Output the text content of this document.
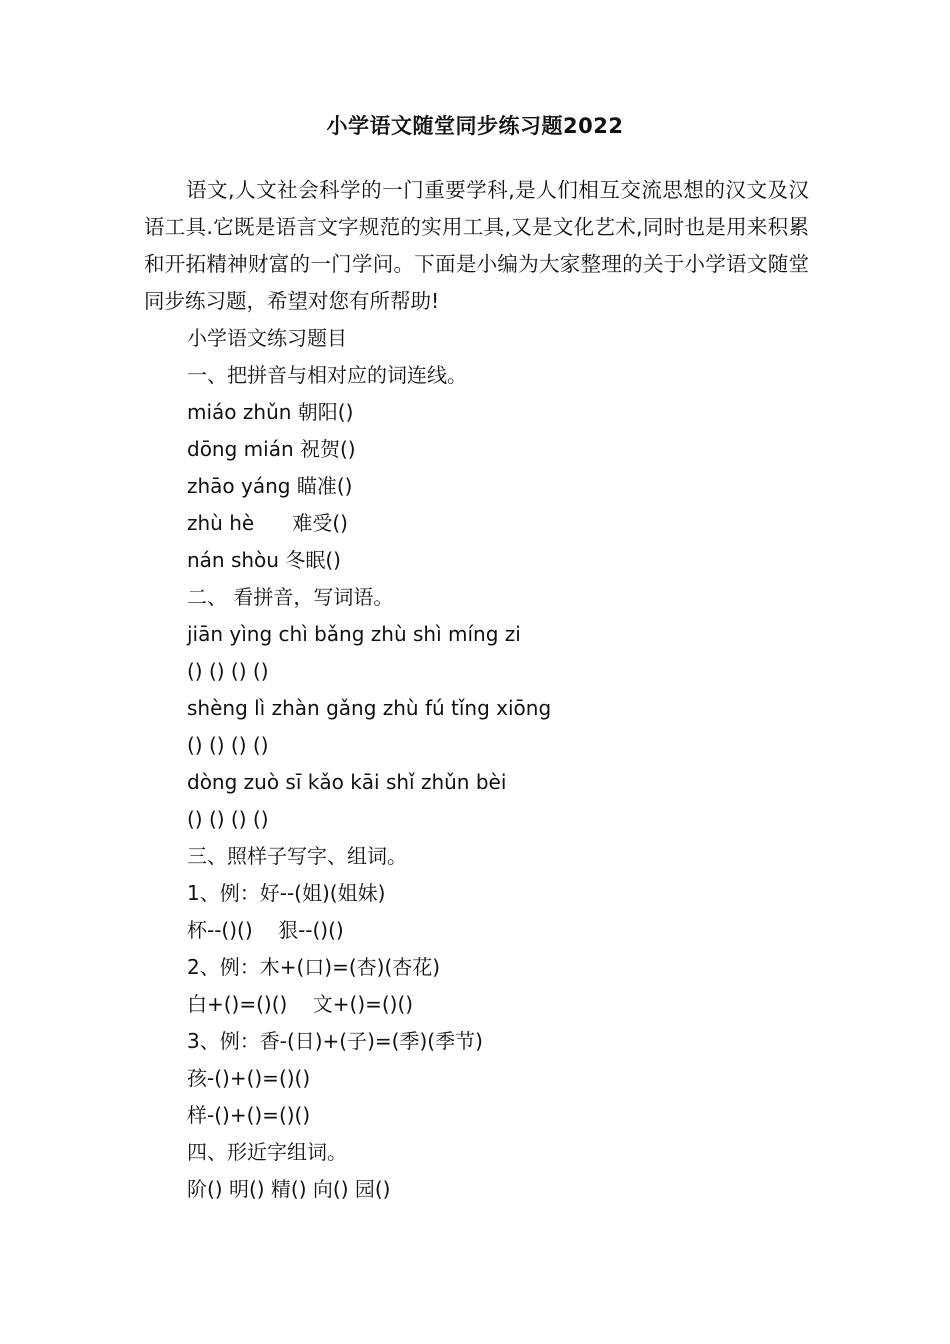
小学语文随堂同步练习题2022

语文,人文社会科学的一门重要学科,是人们相互交流思想的汉文及汉语工具.它既是语言文字规范的实用工具,又是文化艺术,同时也是用来积累和开拓精神财富的一门学问。下面是小编为大家整理的关于小学语文随堂同步练习题，希望对您有所帮助!

小学语文练习题目
一、把拼音与相对应的词连线。
miáo zhǔn 朝阳()
dōng mián 祝贺()
zhāo yáng 瞄准()
zhù hè      难受()
nán shòu 冬眠()
二、 看拼音，写词语。
jiān yìng chì bǎng zhù shì míng zi
() () () ()
shèng lì zhàn gǎng zhù fú tǐng xiōng
() () () ()
dòng zuò sī kǎo kāi shǐ zhǔn bèi
() () () ()
三、照样子写字、组词。
1、例：好--(姐)(姐妹)
杯--()()    狠--()()
2、例：木+(口)=(杏)(杏花)
白+()=()()    文+()=()()
3、例：香-(日)+(子)=(季)(季节)
孩-()+()=()()
样-()+()=()()
四、形近字组词。
阶() 明() 精() 向() 园()
